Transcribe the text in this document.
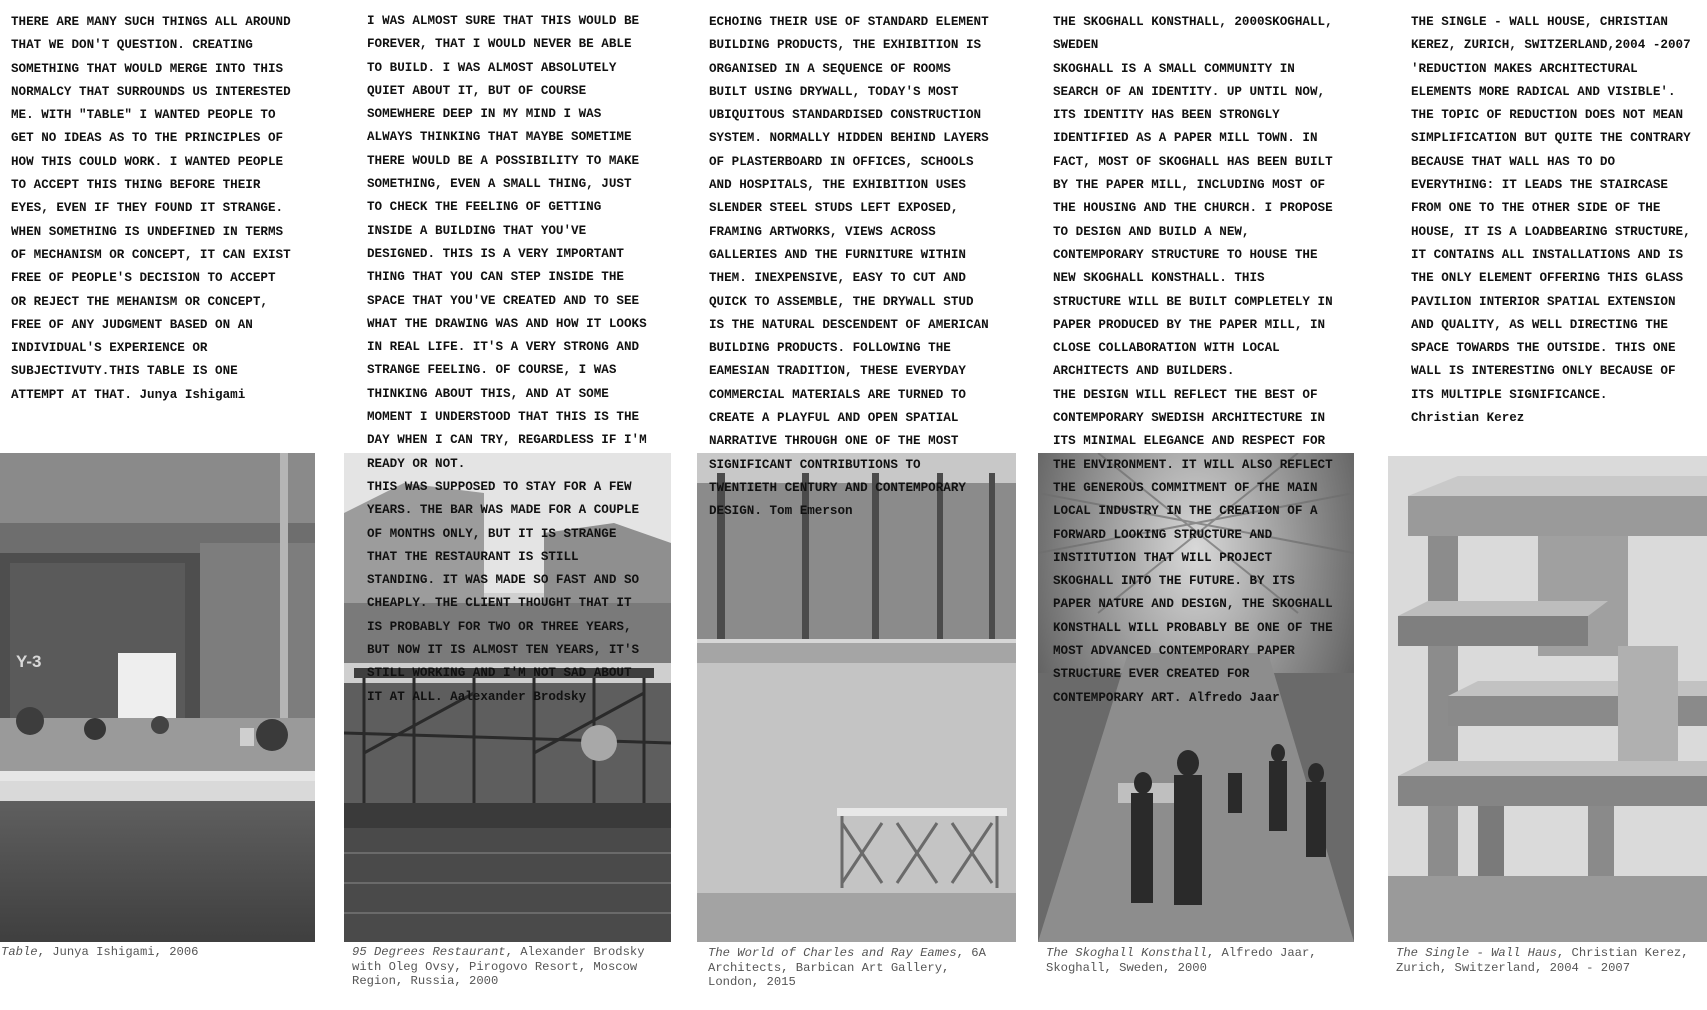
Y-3

THERE ARE MANY SUCH THINGS ALL AROUND
THAT WE DON'T QUESTION. CREATING
SOMETHING THAT WOULD MERGE INTO THIS
NORMALCY THAT SURROUNDS US INTERESTED
ME. WITH "TABLE" I WANTED PEOPLE TO
GET NO IDEAS AS TO THE PRINCIPLES OF
HOW THIS COULD WORK. I WANTED PEOPLE
TO ACCEPT THIS THING BEFORE THEIR
EYES, EVEN IF THEY FOUND IT STRANGE.
WHEN SOMETHING IS UNDEFINED IN TERMS
OF MECHANISM OR CONCEPT, IT CAN EXIST
FREE OF PEOPLE'S DECISION TO ACCEPT
OR REJECT THE MEHANISM OR CONCEPT,
FREE OF ANY JUDGMENT BASED ON AN
INDIVIDUAL'S EXPERIENCE OR
SUBJECTIVUTY.THIS TABLE IS ONE
ATTEMPT AT THAT. Junya Ishigami

I WAS ALMOST SURE THAT THIS WOULD BE
FOREVER, THAT I WOULD NEVER BE ABLE
TO BUILD. I WAS ALMOST ABSOLUTELY
QUIET ABOUT IT, BUT OF COURSE
SOMEWHERE DEEP IN MY MIND I WAS
ALWAYS THINKING THAT MAYBE SOMETIME
THERE WOULD BE A POSSIBILITY TO MAKE
SOMETHING, EVEN A SMALL THING, JUST
TO CHECK THE FEELING OF GETTING
INSIDE A BUILDING THAT YOU'VE
DESIGNED. THIS IS A VERY IMPORTANT
THING THAT YOU CAN STEP INSIDE THE
SPACE THAT YOU'VE CREATED AND TO SEE
WHAT THE DRAWING WAS AND HOW IT LOOKS
IN REAL LIFE. IT'S A VERY STRONG AND
STRANGE FEELING. OF COURSE, I WAS
THINKING ABOUT THIS, AND AT SOME
MOMENT I UNDERSTOOD THAT THIS IS THE
DAY WHEN I CAN TRY, REGARDLESS IF I'M
READY OR NOT.
THIS WAS SUPPOSED TO STAY FOR A FEW
YEARS. THE BAR WAS MADE FOR A COUPLE
OF MONTHS ONLY, BUT IT IS STRANGE
THAT THE RESTAURANT IS STILL
STANDING. IT WAS MADE SO FAST AND SO
CHEAPLY. THE CLIENT THOUGHT THAT IT
IS PROBABLY FOR TWO OR THREE YEARS,
BUT NOW IT IS ALMOST TEN YEARS, IT'S
STILL WORKING AND I'M NOT SAD ABOUT
IT AT ALL. Aalexander Brodsky

ECHOING THEIR USE OF STANDARD ELEMENT
BUILDING PRODUCTS, THE EXHIBITION IS
ORGANISED IN A SEQUENCE OF ROOMS
BUILT USING DRYWALL, TODAY'S MOST
UBIQUITOUS STANDARDISED CONSTRUCTION
SYSTEM. NORMALLY HIDDEN BEHIND LAYERS
OF PLASTERBOARD IN OFFICES, SCHOOLS
AND HOSPITALS, THE EXHIBITION USES
SLENDER STEEL STUDS LEFT EXPOSED,
FRAMING ARTWORKS, VIEWS ACROSS
GALLERIES AND THE FURNITURE WITHIN
THEM. INEXPENSIVE, EASY TO CUT AND
QUICK TO ASSEMBLE, THE DRYWALL STUD
IS THE NATURAL DESCENDENT OF AMERICAN
BUILDING PRODUCTS. FOLLOWING THE
EAMESIAN TRADITION, THESE EVERYDAY
COMMERCIAL MATERIALS ARE TURNED TO
CREATE A PLAYFUL AND OPEN SPATIAL
NARRATIVE THROUGH ONE OF THE MOST
SIGNIFICANT CONTRIBUTIONS TO
TWENTIETH CENTURY AND CONTEMPORARY
DESIGN. Tom Emerson

THE SKOGHALL KONSTHALL, 2000SKOGHALL,
SWEDEN
SKOGHALL IS A SMALL COMMUNITY IN
SEARCH OF AN IDENTITY. UP UNTIL NOW,
ITS IDENTITY HAS BEEN STRONGLY
IDENTIFIED AS A PAPER MILL TOWN. IN
FACT, MOST OF SKOGHALL HAS BEEN BUILT
BY THE PAPER MILL, INCLUDING MOST OF
THE HOUSING AND THE CHURCH. I PROPOSE
TO DESIGN AND BUILD A NEW,
CONTEMPORARY STRUCTURE TO HOUSE THE
NEW SKOGHALL KONSTHALL. THIS
STRUCTURE WILL BE BUILT COMPLETELY IN
PAPER PRODUCED BY THE PAPER MILL, IN
CLOSE COLLABORATION WITH LOCAL
ARCHITECTS AND BUILDERS.
THE DESIGN WILL REFLECT THE BEST OF
CONTEMPORARY SWEDISH ARCHITECTURE IN
ITS MINIMAL ELEGANCE AND RESPECT FOR
THE ENVIRONMENT. IT WILL ALSO REFLECT
THE GENEROUS COMMITMENT OF THE MAIN
LOCAL INDUSTRY IN THE CREATION OF A
FORWARD LOOKING STRUCTURE AND
INSTITUTION THAT WILL PROJECT
SKOGHALL INTO THE FUTURE. BY ITS
PAPER NATURE AND DESIGN, THE SKOGHALL
KONSTHALL WILL PROBABLY BE ONE OF THE
MOST ADVANCED CONTEMPORARY PAPER
STRUCTURE EVER CREATED FOR
CONTEMPORARY ART. Alfredo Jaar

THE SINGLE - WALL HOUSE, CHRISTIAN
KEREZ, ZURICH, SWITZERLAND,2004 -2007
'REDUCTION MAKES ARCHITECTURAL
ELEMENTS MORE RADICAL AND VISIBLE'.
THE TOPIC OF REDUCTION DOES NOT MEAN
SIMPLIFICATION BUT QUITE THE CONTRARY
BECAUSE THAT WALL HAS TO DO
EVERYTHING: IT LEADS THE STAIRCASE
FROM ONE TO THE OTHER SIDE OF THE
HOUSE, IT IS A LOADBEARING STRUCTURE,
IT CONTAINS ALL INSTALLATIONS AND IS
THE ONLY ELEMENT OFFERING THIS GLASS
PAVILION INTERIOR SPATIAL EXTENSION
AND QUALITY, AS WELL DIRECTING THE
SPACE TOWARDS THE OUTSIDE. THIS ONE
WALL IS INTERESTING ONLY BECAUSE OF
ITS MULTIPLE SIGNIFICANCE.
Christian Kerez

Table, Junya Ishigami, 2006	95 Degrees Restaurant, Alexander Brodsky
with Oleg Ovsy, Pirogovo Resort, Moscow
Region, Russia, 2000

The World of Charles and Ray Eames, 6A
Architects, Barbican Art Gallery,
London, 2015

The Skoghall Konsthall, Alfredo Jaar,
Skoghall, Sweden, 2000

The Single - Wall Haus, Christian Kerez,
Zurich, Switzerland, 2004 - 2007
